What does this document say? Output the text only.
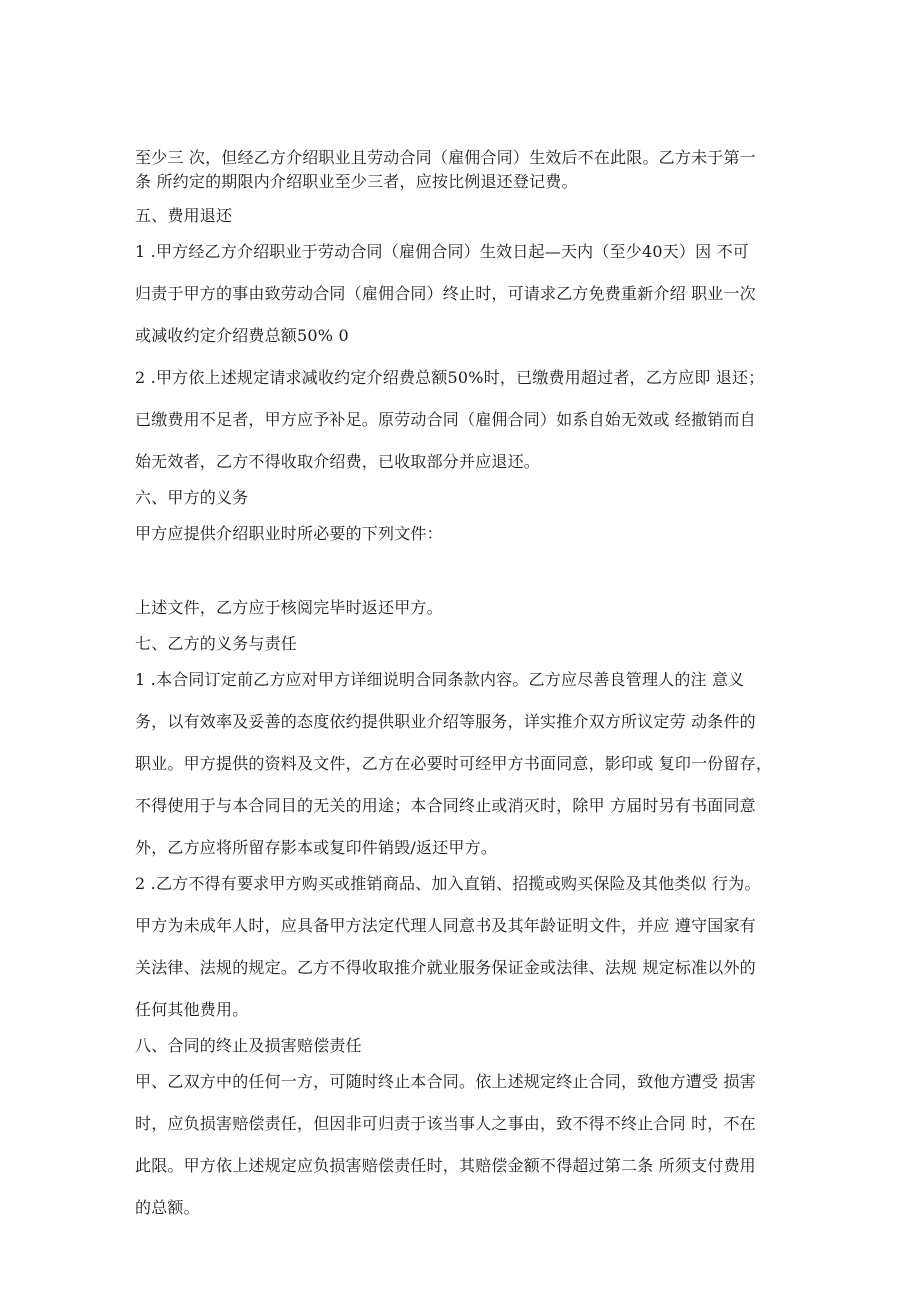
至少三 次，但经乙方介绍职业且劳动合同（雇佣合同）生效后不在此限。乙方未于第一
条 所约定的期限内介绍职业至少三者，应按比例退还登记费。
五、费用退还
1 .甲方经乙方介绍职业于劳动合同（雇佣合同）生效日起—天内（至少40天）因 不可
归责于甲方的事由致劳动合同（雇佣合同）终止时，可请求乙方免费重新介绍 职业一次
或减收约定介绍费总额50% 0
2 .甲方依上述规定请求减收约定介绍费总额50%时，已缴费用超过者，乙方应即 退还；
已缴费用不足者，甲方应予补足。原劳动合同（雇佣合同）如系自始无效或 经撤销而自
始无效者，乙方不得收取介绍费，已收取部分并应退还。
六、甲方的义务
甲方应提供介绍职业时所必要的下列文件：
上述文件，乙方应于核阅完毕时返还甲方。
七、乙方的义务与责任
1 .本合同订定前乙方应对甲方详细说明合同条款内容。乙方应尽善良管理人的注 意义
务，以有效率及妥善的态度依约提供职业介绍等服务，详实推介双方所议定劳 动条件的
职业。甲方提供的资料及文件，乙方在必要时可经甲方书面同意，影印或 复印一份留存，
不得使用于与本合同目的无关的用途；本合同终止或消灭时，除甲 方届时另有书面同意
外，乙方应将所留存影本或复印件销毁/返还甲方。
2 .乙方不得有要求甲方购买或推销商品、加入直销、招揽或购买保险及其他类似 行为。
甲方为未成年人时，应具备甲方法定代理人同意书及其年龄证明文件，并应 遵守国家有
关法律、法规的规定。乙方不得收取推介就业服务保证金或法律、法规 规定标准以外的
任何其他费用。
八、合同的终止及损害赔偿责任
甲、乙双方中的任何一方，可随时终止本合同。依上述规定终止合同，致他方遭受 损害
时，应负损害赔偿责任，但因非可归责于该当事人之事由，致不得不终止合同 时，不在
此限。甲方依上述规定应负损害赔偿责任时，其赔偿金额不得超过第二条 所须支付费用
的总额。
